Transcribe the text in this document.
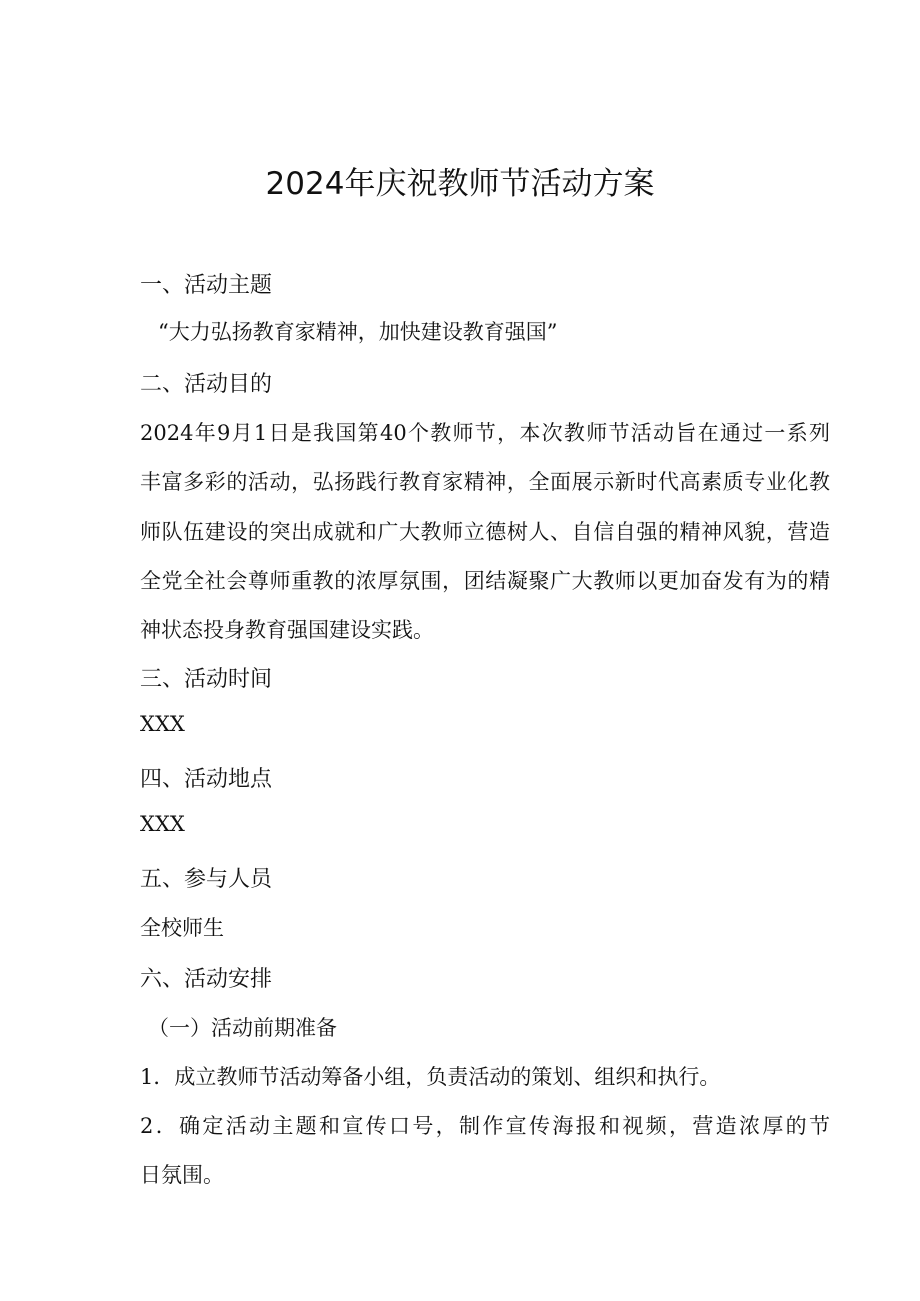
2024年庆祝教师节活动方案
一、活动主题
“大力弘扬教育家精神，加快建设教育强国”
二、活动目的
2024年9月1日是我国第40个教师节，本次教师节活动旨在通过一系列
丰富多彩的活动，弘扬践行教育家精神，全面展示新时代高素质专业化教
师队伍建设的突出成就和广大教师立德树人、自信自强的精神风貌，营造
全党全社会尊师重教的浓厚氛围，团结凝聚广大教师以更加奋发有为的精
神状态投身教育强国建设实践。
三、活动时间
XXX
四、活动地点
XXX
五、参与人员
全校师生
六、活动安排
（一）活动前期准备
1．成立教师节活动筹备小组，负责活动的策划、组织和执行。
2．确定活动主题和宣传口号，制作宣传海报和视频，营造浓厚的节
日氛围。
